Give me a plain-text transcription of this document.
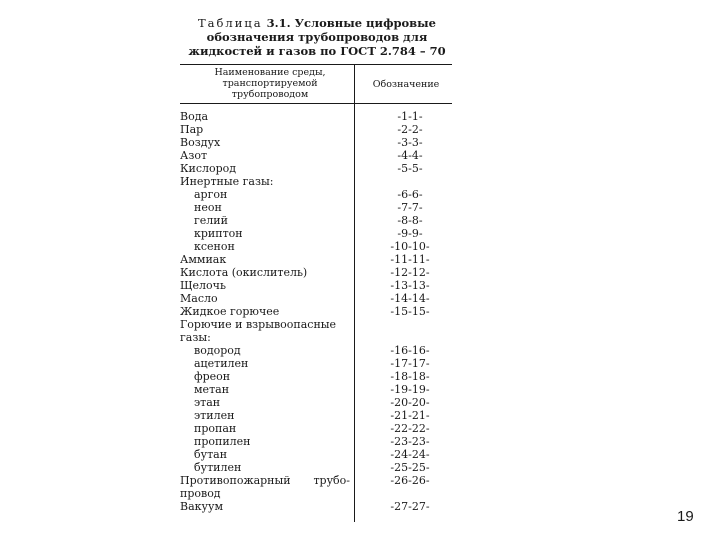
Таблица 3.1. Условные цифровые обозначения трубопроводов для жидкостей и газов по ГОСТ 2.784 – 70
Наименование среды, транспортируемой трубопроводом
Обозначение
Вода	-1-1-
Пар	-2-2-
Воздух	-3-3-
Азот	-4-4-
Кислород	-5-5-
Инертные газы:
аргон	-6-6-
неон	-7-7-
гелий	-8-8-
криптон	-9-9-
ксенон	-10-10-
Аммиак	-11-11-
Кислота (окислитель)	-12-12-
Щелочь	-13-13-
Масло	-14-14-
Жидкое горючее	-15-15-
Горючие и взрывоопасные
газы:
водород	-16-16-
ацетилен	-17-17-
фреон	-18-18-
метан	-19-19-
этан	-20-20-
этилен	-21-21-
пропан	-22-22-
пропилен	-23-23-
бутан	-24-24-
бутилен	-25-25-
Противопожарный трубо-	-26-26-
провод
Вакуум	-27-27-
19
